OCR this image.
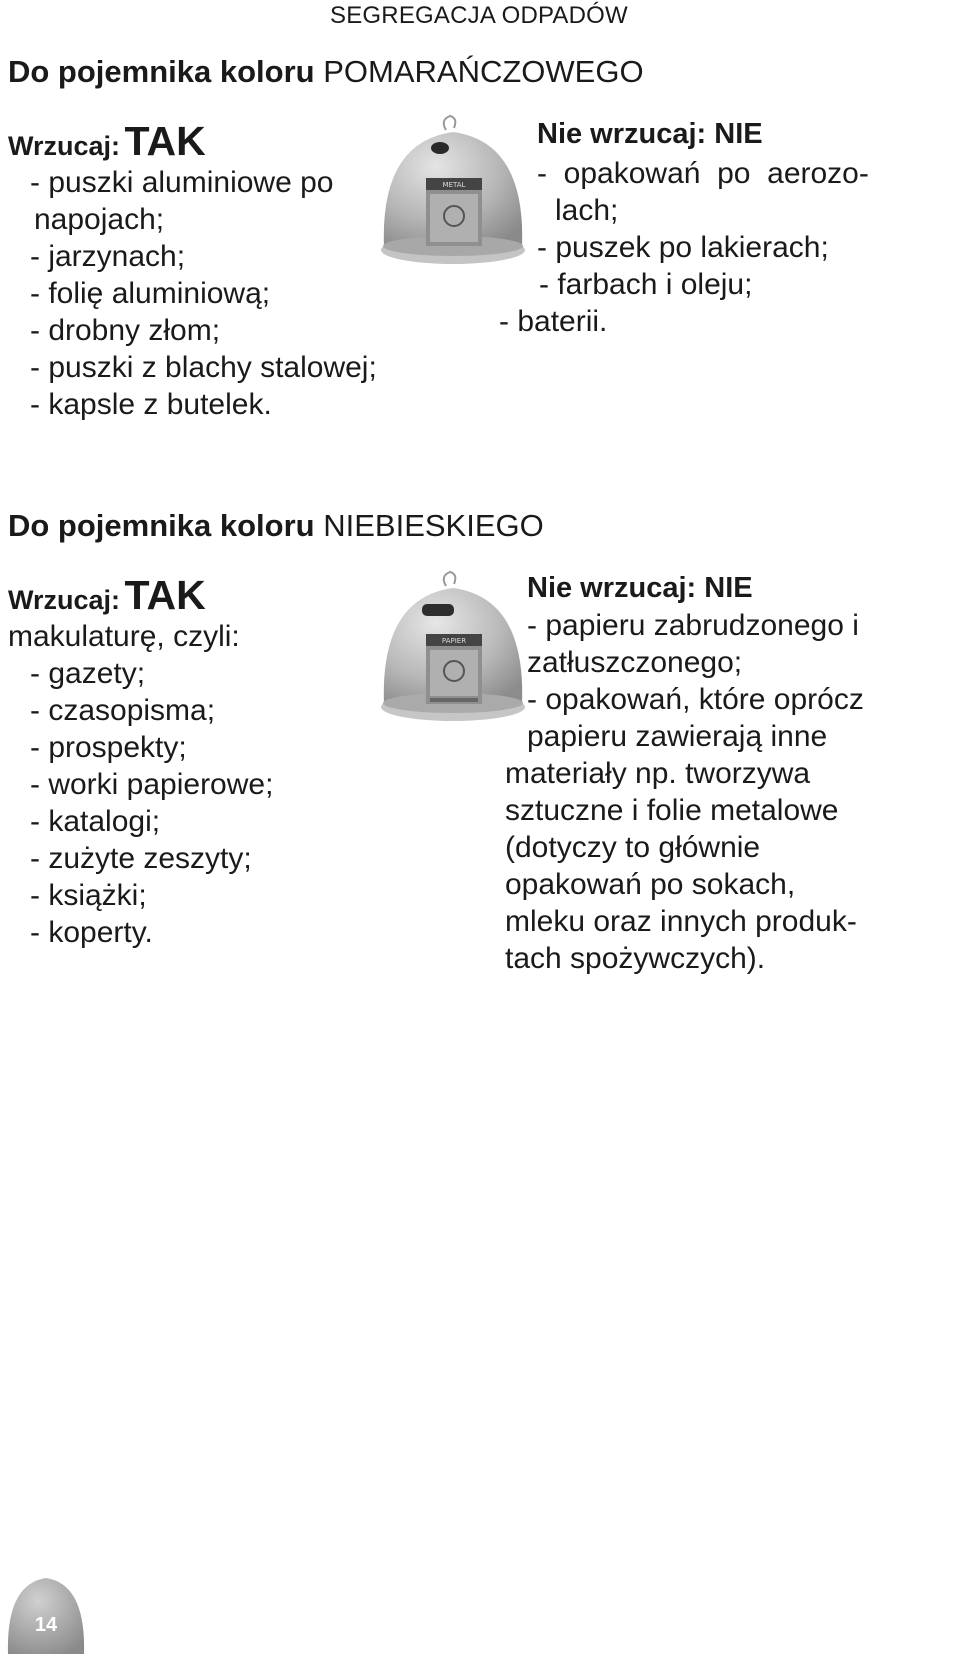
SEGREGACJA ODPADÓW
Do pojemnika koloru POMARAŃCZOWEGO
Wrzucaj: TAK
- puszki aluminiowe po
napojach;
- jarzynach;
- folię aluminiową;
- drobny złom;
- puszki z blachy stalowej;
- kapsle z butelek.
METAL
Nie wrzucaj: NIE
-  opakowań  po  aerozo-
lach;
- puszek po lakierach;
- farbach i oleju;
- baterii.
Do pojemnika koloru NIEBIESKIEGO
Wrzucaj: TAK
makulaturę, czyli:
- gazety;
- czasopisma;
- prospekty;
- worki papierowe;
- katalogi;
- zużyte zeszyty;
- książki;
- koperty.
PAPIER
Nie wrzucaj: NIE
- papieru zabrudzonego i
zatłuszczonego;
- opakowań, które oprócz
papieru zawierają inne
materiały np. tworzywa
sztuczne i folie metalowe
(dotyczy to głównie
opakowań po sokach,
mleku oraz innych produk-
tach spożywczych).
14
